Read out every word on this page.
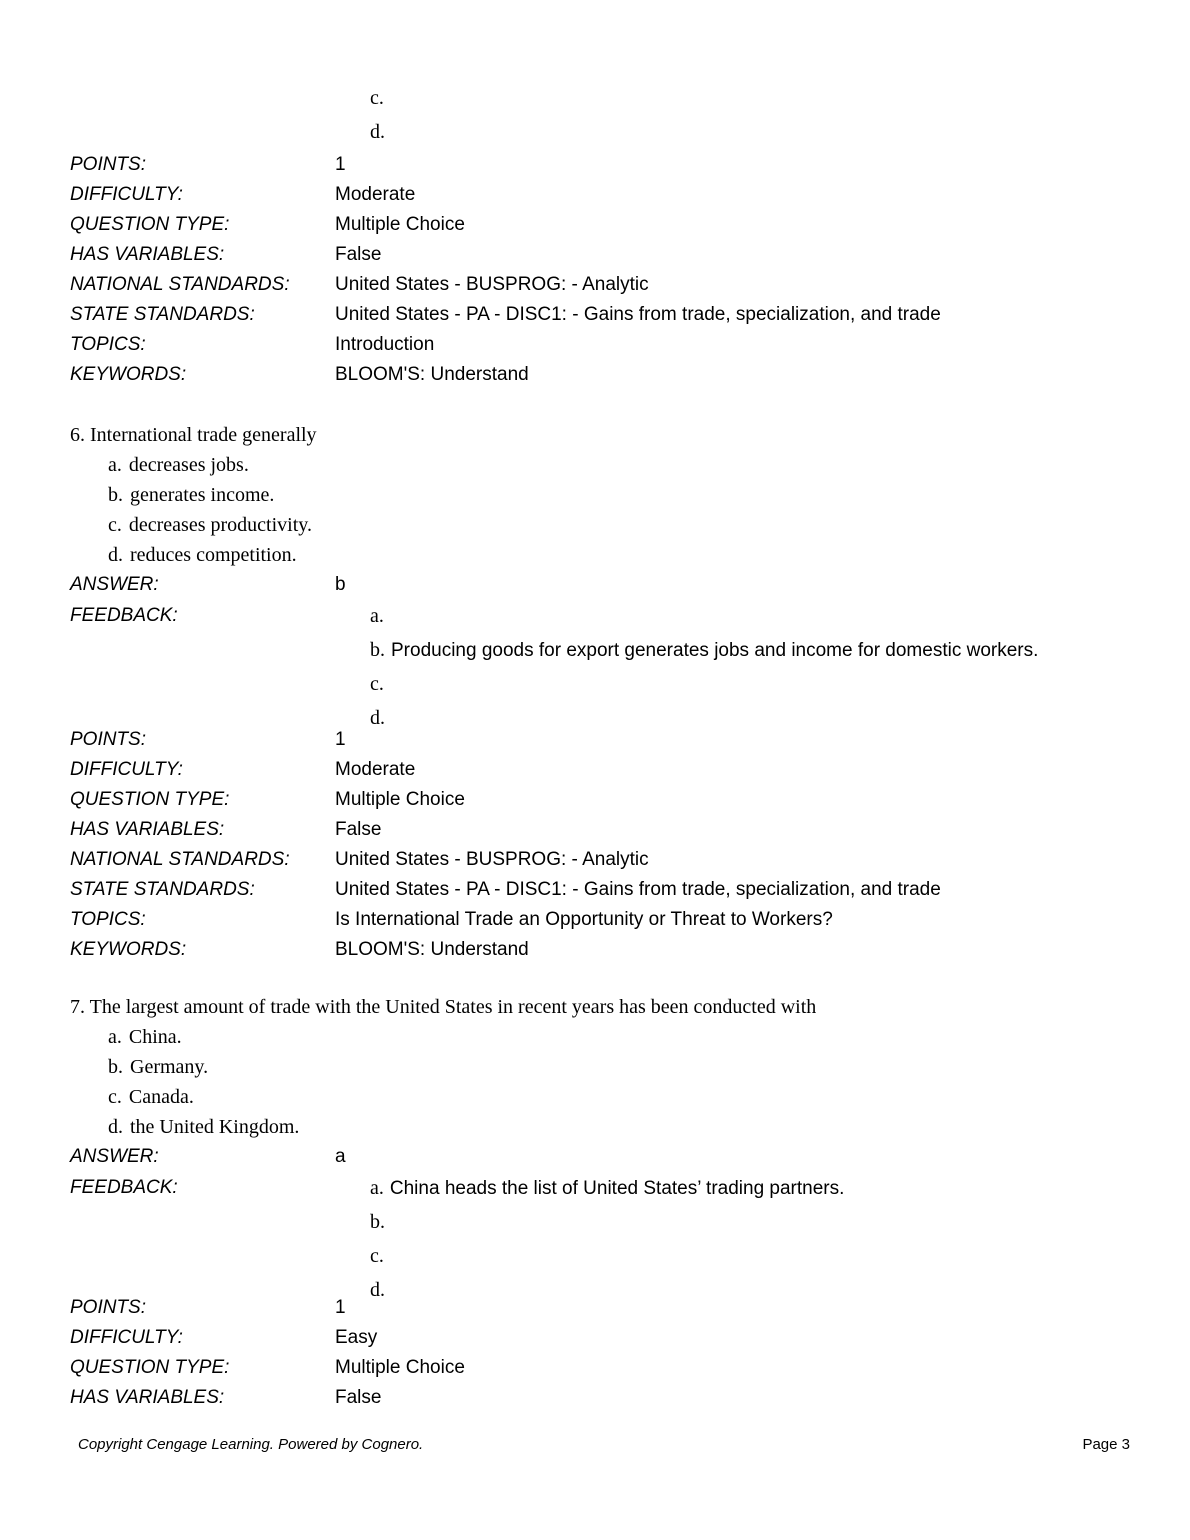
c.
d.
POINTS:	1
DIFFICULTY:	Moderate
QUESTION TYPE:	Multiple Choice
HAS VARIABLES:	False
NATIONAL STANDARDS:	United States - BUSPROG: - Analytic
STATE STANDARDS:	United States - PA - DISC1: - Gains from trade, specialization, and trade
TOPICS:	Introduction
KEYWORDS:	BLOOM'S: Understand
6. International trade generally
a. decreases jobs.
b. generates income.
c. decreases productivity.
d. reduces competition.
ANSWER:	b
FEEDBACK:	a.
b. Producing goods for export generates jobs and income for domestic workers.
c.
d.
POINTS:	1
DIFFICULTY:	Moderate
QUESTION TYPE:	Multiple Choice
HAS VARIABLES:	False
NATIONAL STANDARDS:	United States - BUSPROG: - Analytic
STATE STANDARDS:	United States - PA - DISC1: - Gains from trade, specialization, and trade
TOPICS:	Is International Trade an Opportunity or Threat to Workers?
KEYWORDS:	BLOOM'S: Understand
7. The largest amount of trade with the United States in recent years has been conducted with
a. China.
b. Germany.
c. Canada.
d. the United Kingdom.
ANSWER:	a
FEEDBACK:	a. China heads the list of United States’ trading partners.
b.
c.
d.
POINTS:	1
DIFFICULTY:	Easy
QUESTION TYPE:	Multiple Choice
HAS VARIABLES:	False
Copyright Cengage Learning. Powered by Cognero.	Page 3
